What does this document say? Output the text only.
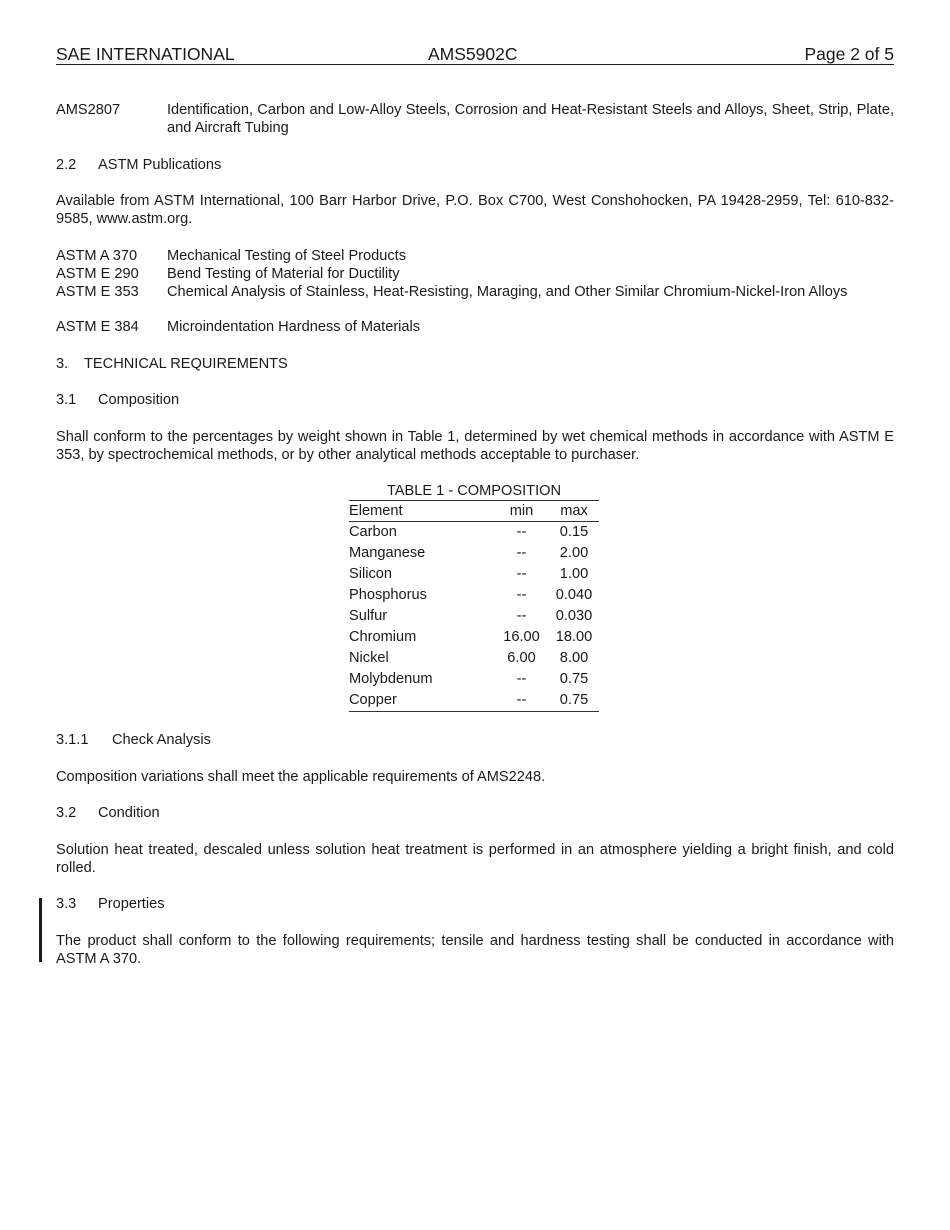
SAE INTERNATIONAL	AMS5902C	Page 2 of 5
AMS2807	Identification, Carbon and Low-Alloy Steels, Corrosion and Heat-Resistant Steels and Alloys, Sheet, Strip, Plate, and Aircraft Tubing
2.2 ASTM Publications
Available from ASTM International, 100 Barr Harbor Drive, P.O. Box C700, West Conshohocken, PA 19428-2959, Tel: 610-832-9585, www.astm.org.
ASTM A 370 Mechanical Testing of Steel Products
ASTM E 290 Bend Testing of Material for Ductility
ASTM E 353 Chemical Analysis of Stainless, Heat-Resisting, Maraging, and Other Similar Chromium-Nickel-Iron Alloys
ASTM E 384 Microindentation Hardness of Materials
3. TECHNICAL REQUIREMENTS
3.1 Composition
Shall conform to the percentages by weight shown in Table 1, determined by wet chemical methods in accordance with ASTM E 353, by spectrochemical methods, or by other analytical methods acceptable to purchaser.
TABLE 1 - COMPOSITION
Element	min	max
Carbon	--	0.15
Manganese	--	2.00
Silicon	--	1.00
Phosphorus	--	0.040
Sulfur	--	0.030
Chromium	16.00	18.00
Nickel	6.00	8.00
Molybdenum	--	0.75
Copper	--	0.75
3.1.1 Check Analysis
Composition variations shall meet the applicable requirements of AMS2248.
3.2 Condition
Solution heat treated, descaled unless solution heat treatment is performed in an atmosphere yielding a bright finish, and cold rolled.
3.3 Properties
The product shall conform to the following requirements; tensile and hardness testing shall be conducted in accordance with ASTM A 370.
